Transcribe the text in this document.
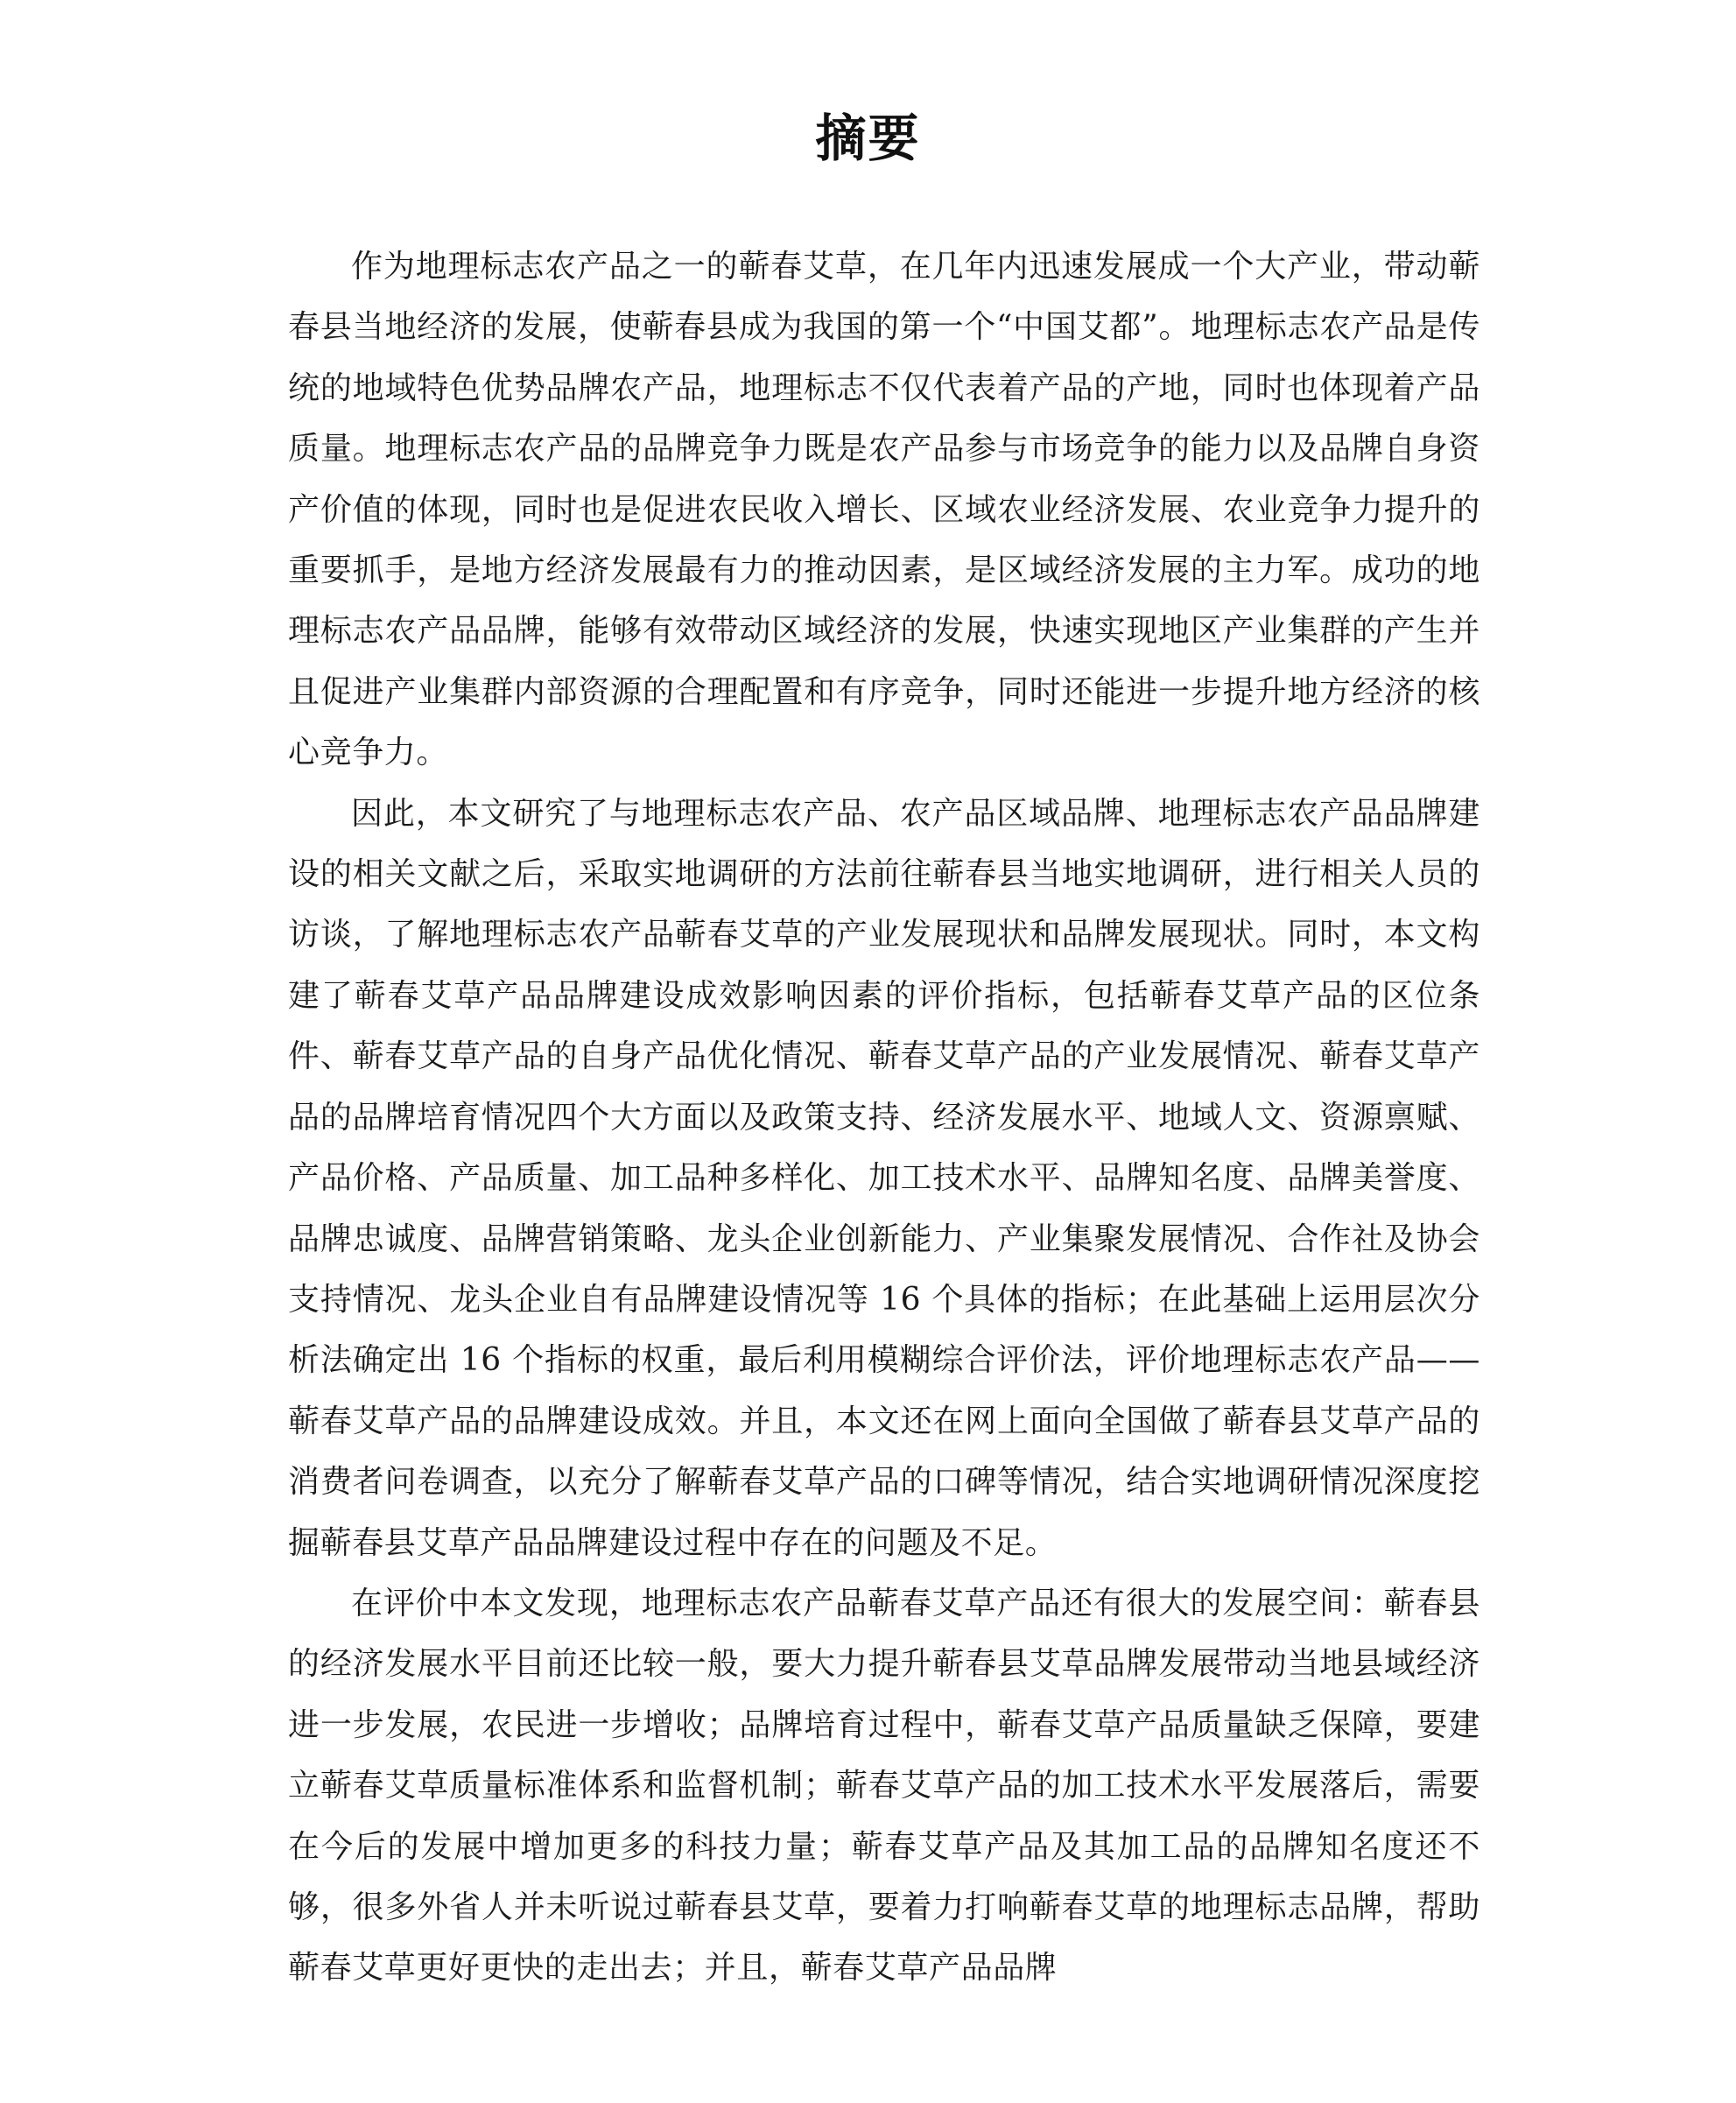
摘要

作为地理标志农产品之一的蕲春艾草，在几年内迅速发展成一个大产业，带动蕲春县当地经济的发展，使蕲春县成为我国的第一个“中国艾都”。地理标志农产品是传统的地域特色优势品牌农产品，地理标志不仅代表着产品的产地，同时也体现着产品质量。地理标志农产品的品牌竞争力既是农产品参与市场竞争的能力以及品牌自身资产价值的体现，同时也是促进农民收入增长、区域农业经济发展、农业竞争力提升的重要抓手，是地方经济发展最有力的推动因素，是区域经济发展的主力军。成功的地理标志农产品品牌，能够有效带动区域经济的发展，快速实现地区产业集群的产生并且促进产业集群内部资源的合理配置和有序竞争，同时还能进一步提升地方经济的核心竞争力。

因此，本文研究了与地理标志农产品、农产品区域品牌、地理标志农产品品牌建设的相关文献之后，采取实地调研的方法前往蕲春县当地实地调研，进行相关人员的访谈，了解地理标志农产品蕲春艾草的产业发展现状和品牌发展现状。同时，本文构建了蕲春艾草产品品牌建设成效影响因素的评价指标，包括蕲春艾草产品的区位条件、蕲春艾草产品的自身产品优化情况、蕲春艾草产品的产业发展情况、蕲春艾草产品的品牌培育情况四个大方面以及政策支持、经济发展水平、地域人文、资源禀赋、产品价格、产品质量、加工品种多样化、加工技术水平、品牌知名度、品牌美誉度、品牌忠诚度、品牌营销策略、龙头企业创新能力、产业集聚发展情况、合作社及协会支持情况、龙头企业自有品牌建设情况等 16 个具体的指标；在此基础上运用层次分析法确定出 16 个指标的权重，最后利用模糊综合评价法，评价地理标志农产品——蕲春艾草产品的品牌建设成效。并且，本文还在网上面向全国做了蕲春县艾草产品的消费者问卷调查，以充分了解蕲春艾草产品的口碑等情况，结合实地调研情况深度挖掘蕲春县艾草产品品牌建设过程中存在的问题及不足。

在评价中本文发现，地理标志农产品蕲春艾草产品还有很大的发展空间：蕲春县的经济发展水平目前还比较一般，要大力提升蕲春县艾草品牌发展带动当地县域经济进一步发展，农民进一步增收；品牌培育过程中，蕲春艾草产品质量缺乏保障，要建立蕲春艾草质量标准体系和监督机制；蕲春艾草产品的加工技术水平发展落后，需要在今后的发展中增加更多的科技力量；蕲春艾草产品及其加工品的品牌知名度还不够，很多外省人并未听说过蕲春县艾草，要着力打响蕲春艾草的地理标志品牌，帮助蕲春艾草更好更快的走出去；并且，蕲春艾草产品品牌
